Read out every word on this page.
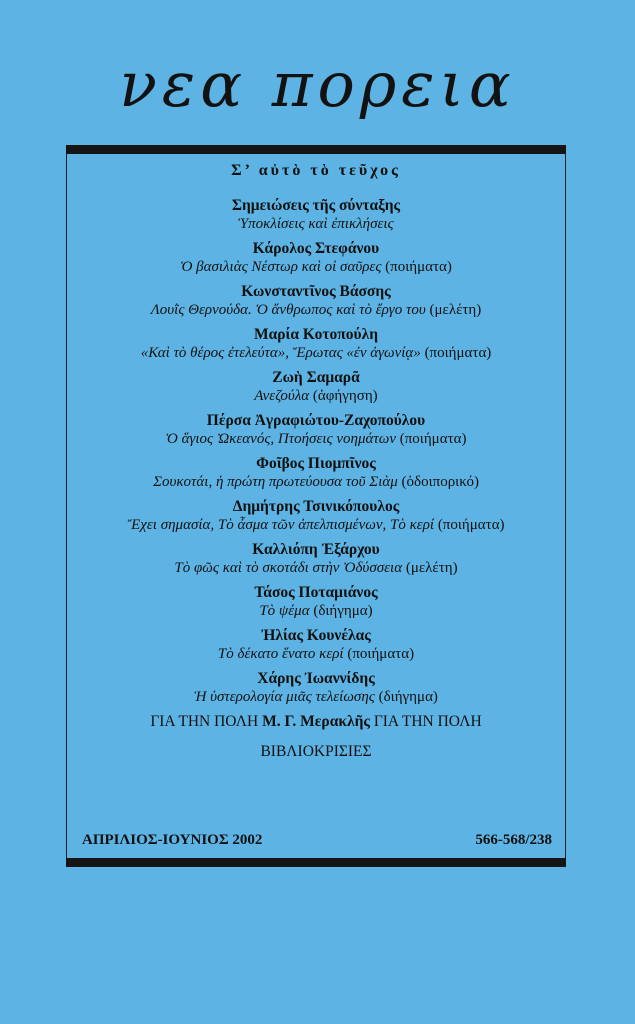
νεα πορεια
Σ’ αὐτὸ τὸ τεῦχος
Σημειώσεις τῆς σύνταξης
Ὑποκλίσεις καὶ ἐπικλήσεις
Κάρολος Στεφάνου
Ὁ βασιλιὰς Νέστωρ καὶ οἱ σαῦρες (ποιήματα)
Κωνσταντῖνος Βάσσης
Λουῒς Θερνούδα. Ὁ ἄνθρωπος καὶ τὸ ἔργο του (μελέτη)
Μαρία Κοτοπούλη
«Καὶ τὸ θέρος ἐτελεύτα», Ἔρωτας «ἐν ἀγωνίᾳ» (ποιήματα)
Ζωὴ Σαμαρᾶ
Ανεζούλα (ἀφήγηση)
Πέρσα Ἀγραφιώτου-Ζαχοπούλου
Ὁ ἅγιος Ὠκεανός, Πτοήσεις νοημάτων (ποιήματα)
Φοῖβος Πιομπῖνος
Σουκοτάι, ἡ πρώτη πρωτεύουσα τοῦ Σιὰμ (ὁδοιπορικό)
Δημήτρης Τσινικόπουλος
Ἔχει σημασία, Τὸ ἆσμα τῶν ἀπελπισμένων, Τὸ κερί (ποιήματα)
Καλλιόπη Ἐξάρχου
Τὸ φῶς καὶ τὸ σκοτάδι στὴν Ὀδύσσεια (μελέτη)
Τάσος Ποταμιάνος
Τὸ ψέμα (διήγημα)
Ἠλίας Κουνέλας
Τὸ δέκατο ἕνατο κερί (ποιήματα)
Χάρης Ἰωαννίδης
Ἡ ὑστερολογία μιᾶς τελείωσης (διήγημα)
ΓΙΑ ΤΗΝ ΠΟΛΗ Μ. Γ. Μερακλῆς ΓΙΑ ΤΗΝ ΠΟΛΗ
ΒΙΒΛΙΟΚΡΙΣΙΕΣ
ΑΠΡΙΛΙΟΣ-ΙΟΥΝΙΟΣ 2002	566-568/238
